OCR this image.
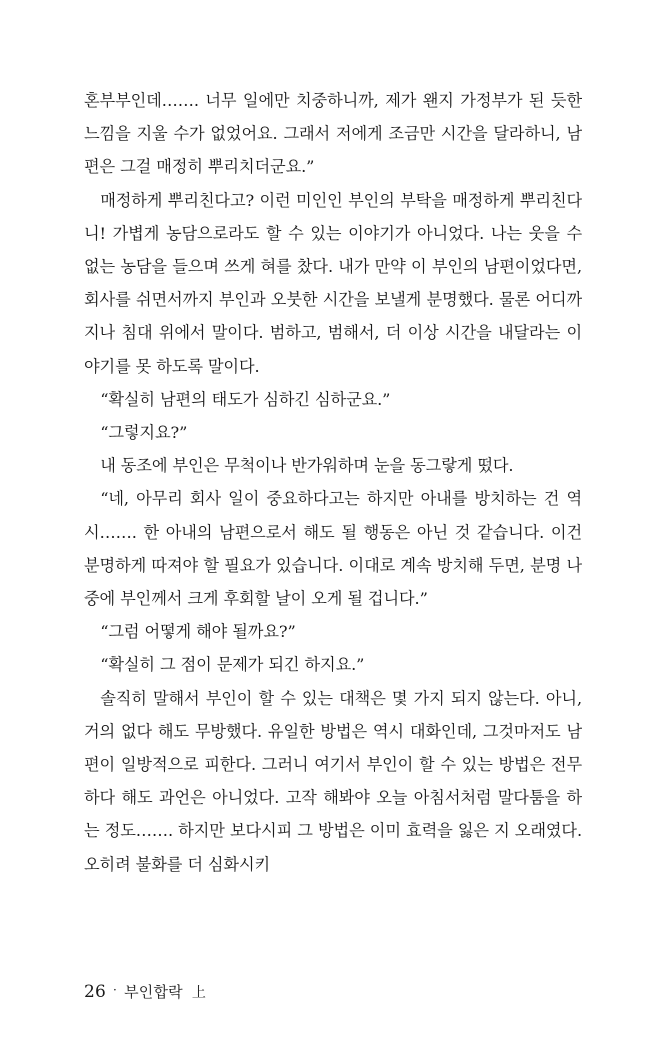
혼부부인데……. 너무 일에만 치중하니까, 제가 왠지 가정부가 된 듯한 느낌을 지울 수가 없었어요. 그래서 저에게 조금만 시간을 달라하니, 남편은 그걸 매정히 뿌리치더군요.”

매정하게 뿌리친다고? 이런 미인인 부인의 부탁을 매정하게 뿌리친다니! 가볍게 농담으로라도 할 수 있는 이야기가 아니었다. 나는 웃을 수 없는 농담을 들으며 쓰게 혀를 찼다. 내가 만약 이 부인의 남편이었다면, 회사를 쉬면서까지 부인과 오붓한 시간을 보낼게 분명했다. 물론 어디까지나 침대 위에서 말이다. 범하고, 범해서, 더 이상 시간을 내달라는 이야기를 못 하도록 말이다.

“확실히 남편의 태도가 심하긴 심하군요.”

“그렇지요?”

내 동조에 부인은 무척이나 반가워하며 눈을 동그랗게 떴다.

“네, 아무리 회사 일이 중요하다고는 하지만 아내를 방치하는 건 역시……. 한 아내의 남편으로서 해도 될 행동은 아닌 것 같습니다. 이건 분명하게 따져야 할 필요가 있습니다. 이대로 계속 방치해 두면, 분명 나중에 부인께서 크게 후회할 날이 오게 될 겁니다.”

“그럼 어떻게 해야 될까요?”

“확실히 그 점이 문제가 되긴 하지요.”

솔직히 말해서 부인이 할 수 있는 대책은 몇 가지 되지 않는다. 아니, 거의 없다 해도 무방했다. 유일한 방법은 역시 대화인데, 그것마저도 남편이 일방적으로 피한다. 그러니 여기서 부인이 할 수 있는 방법은 전무하다 해도 과언은 아니었다. 고작 해봐야 오늘 아침서처럼 말다툼을 하는 정도……. 하지만 보다시피 그 방법은 이미 효력을 잃은 지 오래였다. 오히려 불화를 더 심화시키

26 · 부인합락 上
